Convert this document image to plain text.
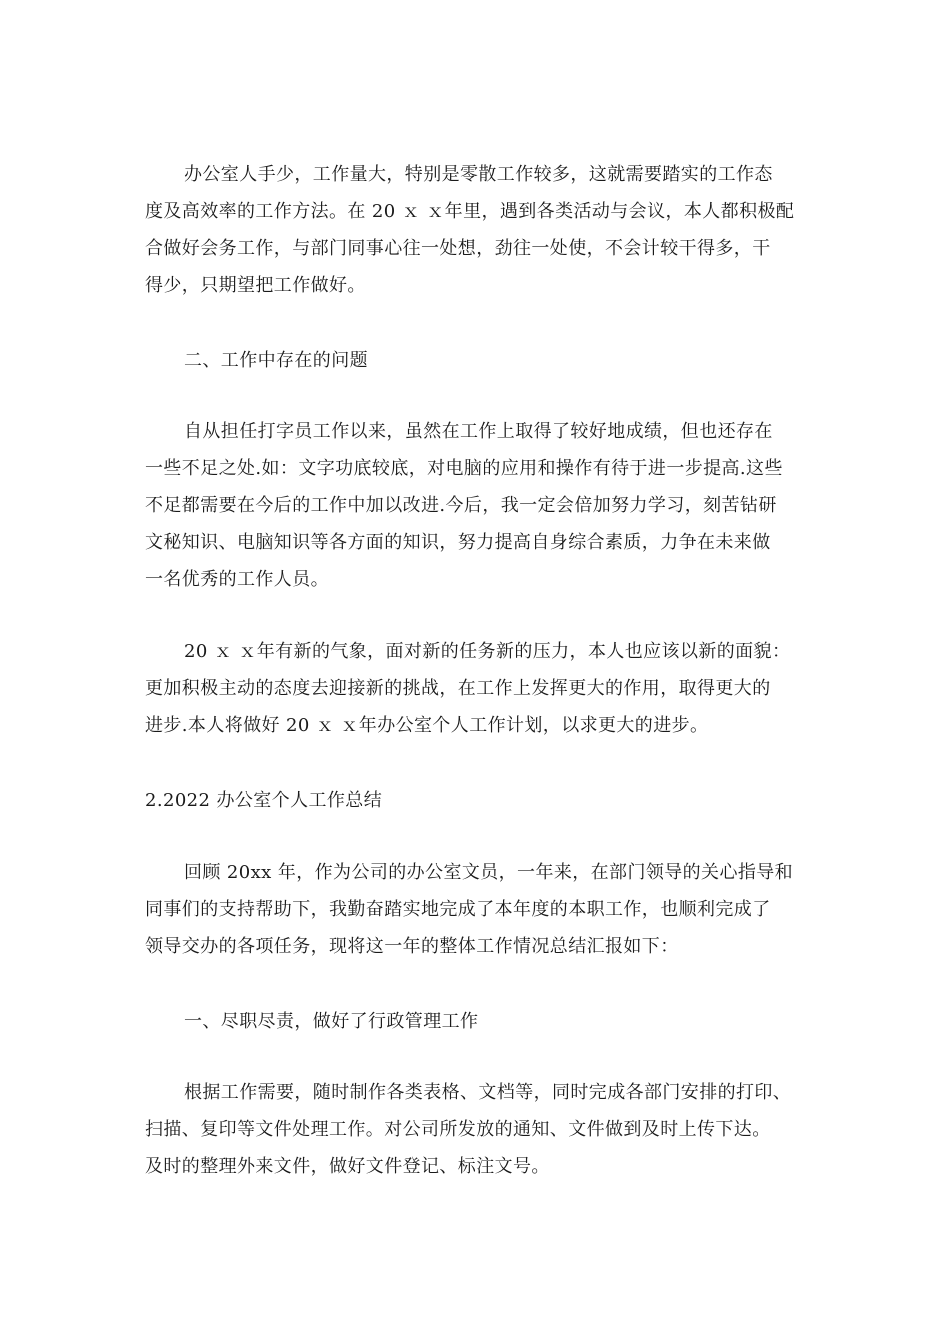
办公室人手少，工作量大，特别是零散工作较多，这就需要踏实的工作态
度及高效率的工作方法。在 20 ｘ ｘ年里，遇到各类活动与会议，本人都积极配
合做好会务工作，与部门同事心往一处想，劲往一处使，不会计较干得多，干
得少，只期望把工作做好。
二、工作中存在的问题
自从担任打字员工作以来，虽然在工作上取得了较好地成绩，但也还存在
一些不足之处.如：文字功底较底，对电脑的应用和操作有待于进一步提高.这些
不足都需要在今后的工作中加以改进.今后，我一定会倍加努力学习，刻苦钻研
文秘知识、电脑知识等各方面的知识，努力提高自身综合素质，力争在未来做
一名优秀的工作人员。
20 ｘ ｘ年有新的气象，面对新的任务新的压力，本人也应该以新的面貌：
更加积极主动的态度去迎接新的挑战，在工作上发挥更大的作用，取得更大的
进步.本人将做好 20 ｘ ｘ年办公室个人工作计划，以求更大的进步。
2.2022 办公室个人工作总结
回顾 20xx 年，作为公司的办公室文员，一年来，在部门领导的关心指导和
同事们的支持帮助下，我勤奋踏实地完成了本年度的本职工作，也顺利完成了
领导交办的各项任务，现将这一年的整体工作情况总结汇报如下：
一、尽职尽责，做好了行政管理工作
根据工作需要，随时制作各类表格、文档等，同时完成各部门安排的打印、
扫描、复印等文件处理工作。对公司所发放的通知、文件做到及时上传下达。
及时的整理外来文件，做好文件登记、标注文号。
